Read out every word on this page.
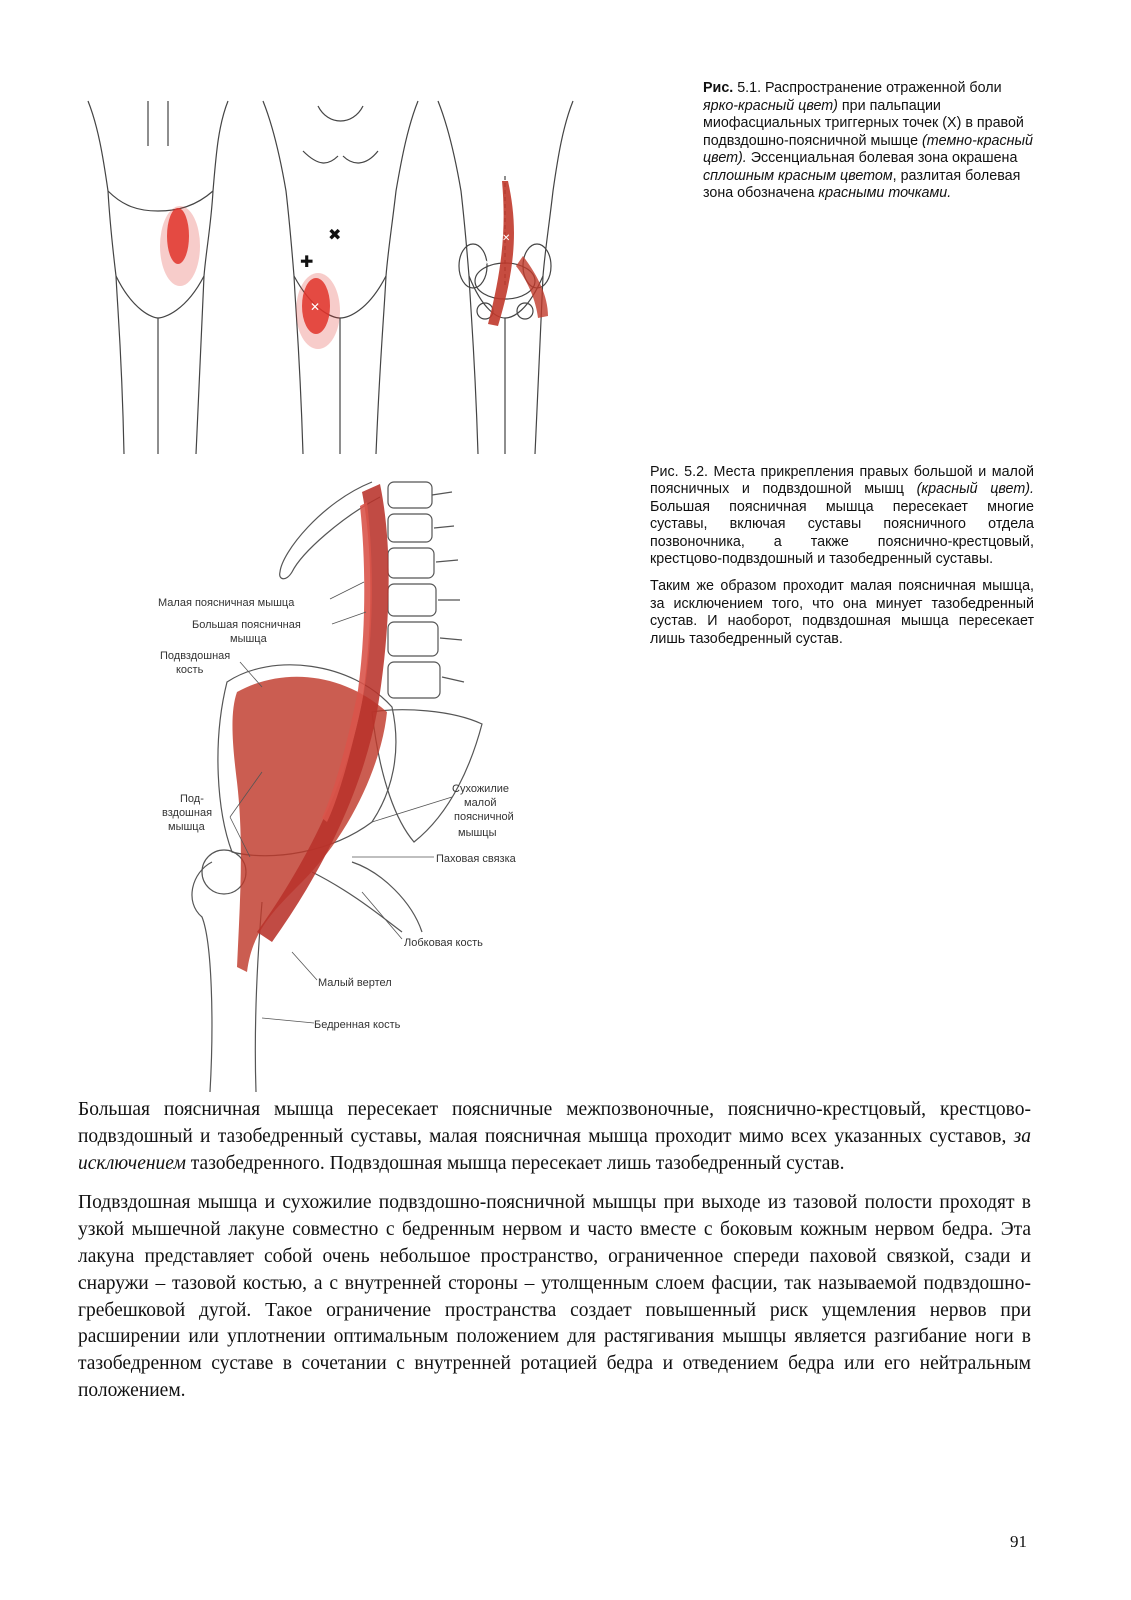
✖
✚
✕
✕
✕
Рис. 5.1. Распространение отраженной боли ярко-красный цвет) при пальпации миофасциальных триггерных точек (X) в правой подвздошно-поясничной мышце (темно-красный цвет). Эссенциальная болевая зона окрашена сплошным красным цветом, разлитая болевая зона обозначена красными точками.
Малая поясничная мышца
Большая поясничная
мышца
Подвздошная
кость
Сухожилие
малой
поясничной
мышцы
Под-
вздошная
мышца
Паховая связка
Лобковая кость
Малый вертел
Бедренная кость

Рис. 5.2. Места прикрепления правых большой и малой поясничных и подвздошной мышц (красный цвет). Большая поясничная мышца пересекает многие суставы, включая суставы поясничного отдела позвоночника, а также пояснично-крестцовый, крестцово-подвздошный и тазобедренный суставы.

Таким же образом проходит малая поясничная мышца, за исключением того, что она минует тазобедренный сустав. И наоборот, подвздошная мышца пересекает лишь тазобедренный сустав.

Большая поясничная мышца пересекает поясничные межпозвоночные, пояснично-крестцовый, крестцово-подвздошный и тазобедренный суставы, малая поясничная мышца проходит мимо всех указанных суставов, за исключением тазобедренного. Подвздошная мышца пересекает лишь тазобедренный сустав.

Подвздошная мышца и сухожилие подвздошно-поясничной мышцы при выходе из тазовой полости проходят в узкой мышечной лакуне совместно с бедренным нервом и часто вместе с боковым кожным нервом бедра. Эта лакуна представляет собой очень небольшое пространство, ограниченное спереди паховой связкой, сзади и снаружи – тазовой костью, а с внутренней стороны – утолщенным слоем фасции, так называемой подвздошно-гребешковой дугой. Такое ограничение пространства создает повышенный риск ущемления нервов при расширении или уплотнении оптимальным положением для растягивания мышцы является разгибание ноги в тазобедренном суставе в сочетании с внутренней ротацией бедра и отведением бедра или его нейтральным положением.

91
